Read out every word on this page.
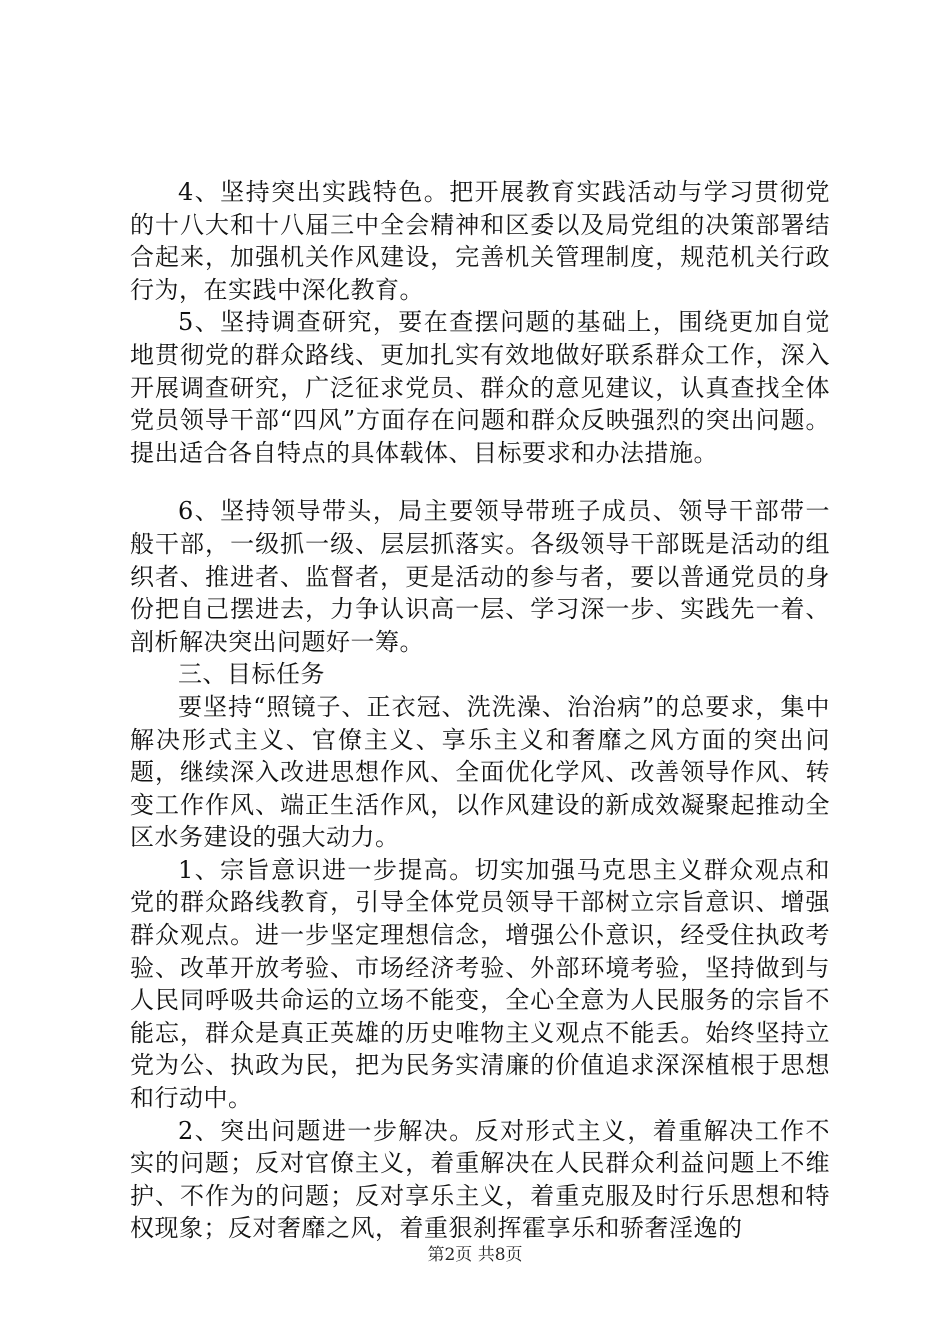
4、坚持突出实践特色。把开展教育实践活动与学习贯彻党的十八大和十八届三中全会精神和区委以及局党组的决策部署结合起来，加强机关作风建设，完善机关管理制度，规范机关行政行为，在实践中深化教育。

5、坚持调查研究，要在查摆问题的基础上，围绕更加自觉地贯彻党的群众路线、更加扎实有效地做好联系群众工作，深入开展调查研究，广泛征求党员、群众的意见建议，认真查找全体党员领导干部“四风”方面存在问题和群众反映强烈的突出问题。提出适合各自特点的具体载体、目标要求和办法措施。

6、坚持领导带头，局主要领导带班子成员、领导干部带一般干部，一级抓一级、层层抓落实。各级领导干部既是活动的组织者、推进者、监督者，更是活动的参与者，要以普通党员的身份把自己摆进去，力争认识高一层、学习深一步、实践先一着、剖析解决突出问题好一筹。

三、目标任务

要坚持“照镜子、正衣冠、洗洗澡、治治病”的总要求，集中解决形式主义、官僚主义、享乐主义和奢靡之风方面的突出问题，继续深入改进思想作风、全面优化学风、改善领导作风、转变工作作风、端正生活作风，以作风建设的新成效凝聚起推动全区水务建设的强大动力。

1、宗旨意识进一步提高。切实加强马克思主义群众观点和党的群众路线教育，引导全体党员领导干部树立宗旨意识、增强群众观点。进一步坚定理想信念，增强公仆意识，经受住执政考验、改革开放考验、市场经济考验、外部环境考验，坚持做到与人民同呼吸共命运的立场不能变，全心全意为人民服务的宗旨不能忘，群众是真正英雄的历史唯物主义观点不能丢。始终坚持立党为公、执政为民，把为民务实清廉的价值追求深深植根于思想和行动中。

2、突出问题进一步解决。反对形式主义，着重解决工作不实的问题；反对官僚主义，着重解决在人民群众利益问题上不维护、不作为的问题；反对享乐主义，着重克服及时行乐思想和特权现象；反对奢靡之风，着重狠刹挥霍享乐和骄奢淫逸的

第2页 共8页
